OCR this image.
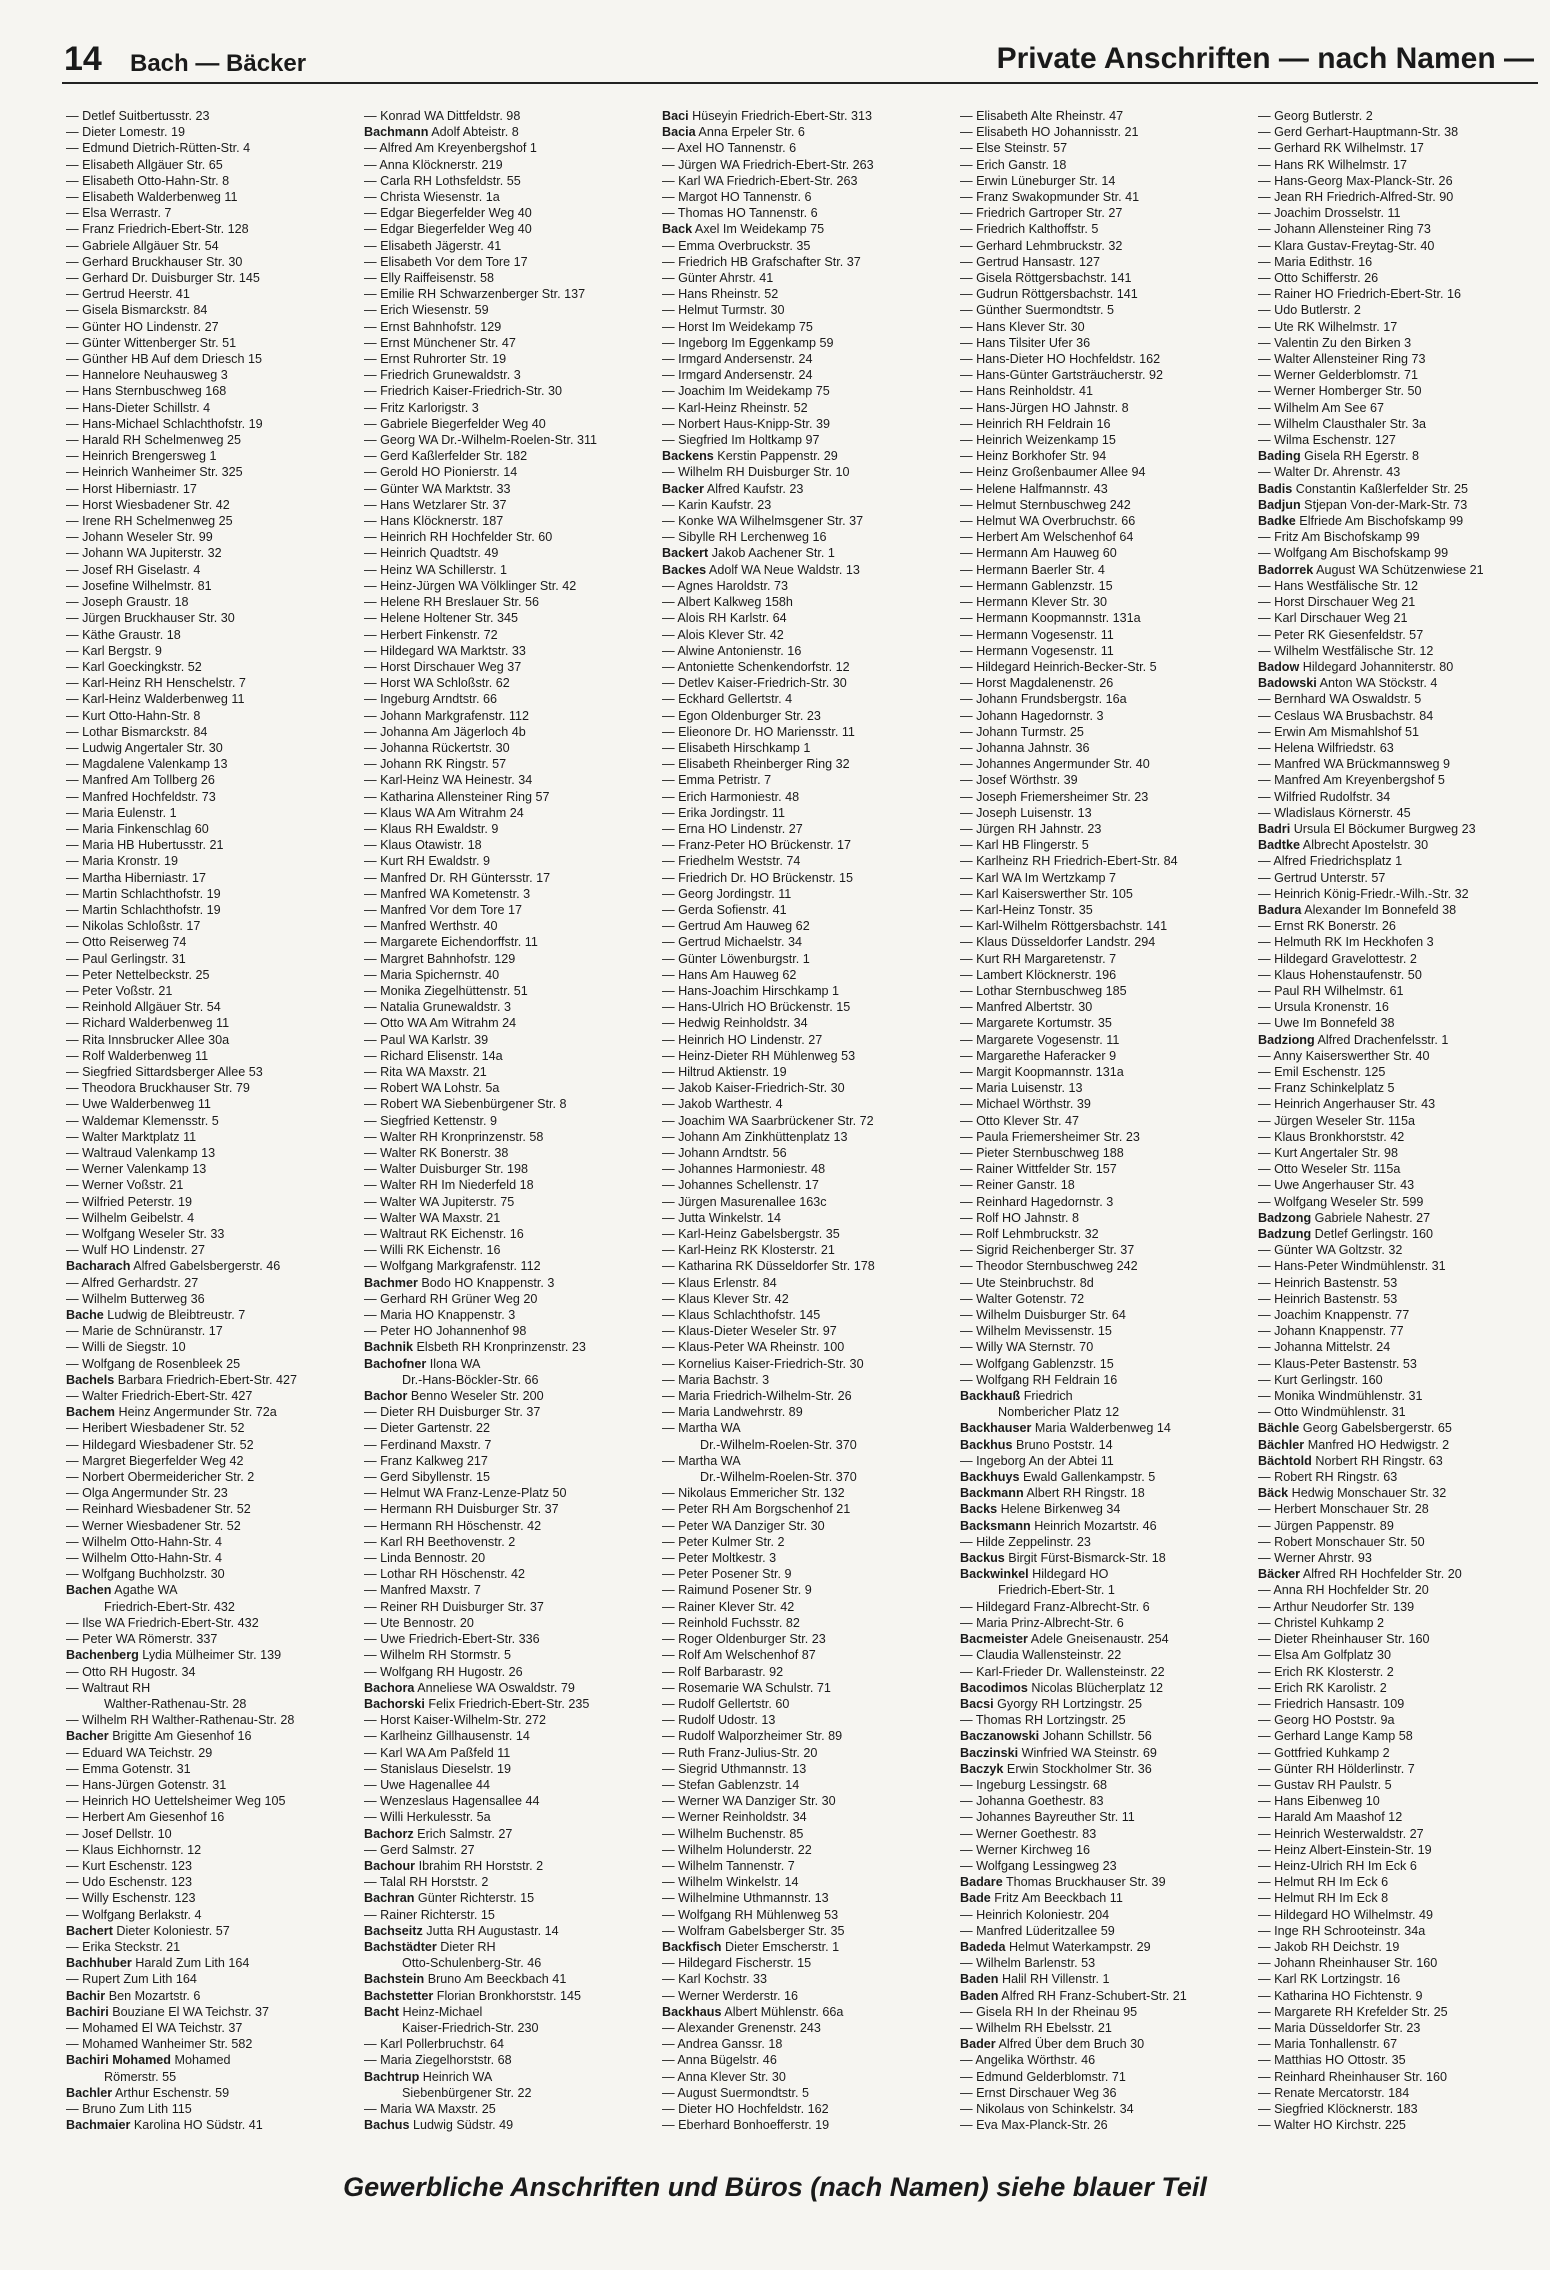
14 Bach — Bäcker	Private Anschriften — nach Namen —
— Detlef Suitbertusstr. 23
— Dieter Lomestr. 19
— Edmund Dietrich-Rütten-Str. 4
— Elisabeth Allgäuer Str. 65
— Elisabeth Otto-Hahn-Str. 8
— Elisabeth Walderbenweg 11
— Elsa Werrastr. 7
— Franz Friedrich-Ebert-Str. 128
— Gabriele Allgäuer Str. 54
— Gerhard Bruckhauser Str. 30
— Gerhard Dr. Duisburger Str. 145
— Gertrud Heerstr. 41
— Gisela Bismarckstr. 84
— Günter HO Lindenstr. 27
— Günter Wittenberger Str. 51
— Günther HB Auf dem Driesch 15
— Hannelore Neuhausweg 3
— Hans Sternbuschweg 168
— Hans-Dieter Schillstr. 4
— Hans-Michael Schlachthofstr. 19
— Harald RH Schelmenweg 25
— Heinrich Brengersweg 1
— Heinrich Wanheimer Str. 325
— Horst Hiberniastr. 17
— Horst Wiesbadener Str. 42
— Irene RH Schelmenweg 25
— Johann Weseler Str. 99
— Johann WA Jupiterstr. 32
— Josef RH Giselastr. 4
— Josefine Wilhelmstr. 81
— Joseph Graustr. 18
— Jürgen Bruckhauser Str. 30
— Käthe Graustr. 18
— Karl Bergstr. 9
— Karl Goeckingkstr. 52
— Karl-Heinz RH Henschelstr. 7
— Karl-Heinz Walderbenweg 11
— Kurt Otto-Hahn-Str. 8
— Lothar Bismarckstr. 84
— Ludwig Angertaler Str. 30
— Magdalene Valenkamp 13
— Manfred Am Tollberg 26
— Manfred Hochfeldstr. 73
— Maria Eulenstr. 1
— Maria Finkenschlag 60
— Maria HB Hubertusstr. 21
— Maria Kronstr. 19
— Martha Hiberniastr. 17
— Martin Schlachthofstr. 19
— Martin Schlachthofstr. 19
— Nikolas Schloßstr. 17
— Otto Reiserweg 74
— Paul Gerlingstr. 31
— Peter Nettelbeckstr. 25
— Peter Voßstr. 21
— Reinhold Allgäuer Str. 54
— Richard Walderbenweg 11
— Rita Innsbrucker Allee 30a
— Rolf Walderbenweg 11
— Siegfried Sittardsberger Allee 53
— Theodora Bruckhauser Str. 79
— Uwe Walderbenweg 11
— Waldemar Klemensstr. 5
— Walter Marktplatz 11
— Waltraud Valenkamp 13
— Werner Valenkamp 13
— Werner Voßstr. 21
— Wilfried Peterstr. 19
— Wilhelm Geibelstr. 4
— Wolfgang Weseler Str. 33
— Wulf HO Lindenstr. 27
Bacharach Alfred Gabelsbergerstr. 46
— Alfred Gerhardstr. 27
— Wilhelm Butterweg 36
Bache Ludwig de Bleibtreustr. 7
— Marie de Schnüranstr. 17
— Willi de Siegstr. 10
— Wolfgang de Rosenbleek 25
Bachels Barbara Friedrich-Ebert-Str. 427
— Walter Friedrich-Ebert-Str. 427
Bachem Heinz Angermunder Str. 72a
— Heribert Wiesbadener Str. 52
— Hildegard Wiesbadener Str. 52
— Margret Biegerfelder Weg 42
— Norbert Obermeidericher Str. 2
— Olga Angermunder Str. 23
— Reinhard Wiesbadener Str. 52
— Werner Wiesbadener Str. 52
— Wilhelm Otto-Hahn-Str. 4
— Wilhelm Otto-Hahn-Str. 4
— Wolfgang Buchholzstr. 30
Bachen Agathe WA
Friedrich-Ebert-Str. 432
— Ilse WA Friedrich-Ebert-Str. 432
— Peter WA Römerstr. 337
Bachenberg Lydia Mülheimer Str. 139
— Otto RH Hugostr. 34
— Waltraut RH
Walther-Rathenau-Str. 28
— Wilhelm RH Walther-Rathenau-Str. 28
Bacher Brigitte Am Giesenhof 16
— Eduard WA Teichstr. 29
— Emma Gotenstr. 31
— Hans-Jürgen Gotenstr. 31
— Heinrich HO Uettelsheimer Weg 105
— Herbert Am Giesenhof 16
— Josef Dellstr. 10
— Klaus Eichhornstr. 12
— Kurt Eschenstr. 123
— Udo Eschenstr. 123
— Willy Eschenstr. 123
— Wolfgang Berlakstr. 4
Bachert Dieter Koloniestr. 57
— Erika Steckstr. 21
Bachhuber Harald Zum Lith 164
— Rupert Zum Lith 164
Bachir Ben Mozartstr. 6
Bachiri Bouziane El WA Teichstr. 37
— Mohamed El WA Teichstr. 37
— Mohamed Wanheimer Str. 582
Bachiri Mohamed Mohamed
Römerstr. 55
Bachler Arthur Eschenstr. 59
— Bruno Zum Lith 115
Bachmaier Karolina HO Südstr. 41
— Konrad WA Dittfeldstr. 98
Bachmann Adolf Abteistr. 8
— Alfred Am Kreyenbergshof 1
— Anna Klöcknerstr. 219
— Carla RH Lothsfeldstr. 55
— Christa Wiesenstr. 1a
— Edgar Biegerfelder Weg 40
— Edgar Biegerfelder Weg 40
— Elisabeth Jägerstr. 41
— Elisabeth Vor dem Tore 17
— Elly Raiffeisenstr. 58
— Emilie RH Schwarzenberger Str. 137
— Erich Wiesenstr. 59
— Ernst Bahnhofstr. 129
— Ernst Münchener Str. 47
— Ernst Ruhrorter Str. 19
— Friedrich Grunewaldstr. 3
— Friedrich Kaiser-Friedrich-Str. 30
— Fritz Karlorigstr. 3
— Gabriele Biegerfelder Weg 40
— Georg WA Dr.-Wilhelm-Roelen-Str. 311
— Gerd Kaßlerfelder Str. 182
— Gerold HO Pionierstr. 14
— Günter WA Marktstr. 33
— Hans Wetzlarer Str. 37
— Hans Klöcknerstr. 187
— Heinrich RH Hochfelder Str. 60
— Heinrich Quadtstr. 49
— Heinz WA Schillerstr. 1
— Heinz-Jürgen WA Völklinger Str. 42
— Helene RH Breslauer Str. 56
— Helene Holtener Str. 345
— Herbert Finkenstr. 72
— Hildegard WA Marktstr. 33
— Horst Dirschauer Weg 37
— Horst WA Schloßstr. 62
— Ingeburg Arndtstr. 66
— Johann Markgrafenstr. 112
— Johanna Am Jägerloch 4b
— Johanna Rückertstr. 30
— Johann RK Ringstr. 57
— Karl-Heinz WA Heinestr. 34
— Katharina Allensteiner Ring 57
— Klaus WA Am Witrahm 24
— Klaus RH Ewaldstr. 9
— Klaus Otawistr. 18
— Kurt RH Ewaldstr. 9
— Manfred Dr. RH Güntersstr. 17
— Manfred WA Kometenstr. 3
— Manfred Vor dem Tore 17
— Manfred Werthstr. 40
— Margarete Eichendorffstr. 11
— Margret Bahnhofstr. 129
— Maria Spichernstr. 40
— Monika Ziegelhüttenstr. 51
— Natalia Grunewaldstr. 3
— Otto WA Am Witrahm 24
— Paul WA Karlstr. 39
— Richard Elisenstr. 14a
— Rita WA Maxstr. 21
— Robert WA Lohstr. 5a
— Robert WA Siebenbürgener Str. 8
— Siegfried Kettenstr. 9
— Walter RH Kronprinzenstr. 58
— Walter RK Bonerstr. 38
— Walter Duisburger Str. 198
— Walter RH Im Niederfeld 18
— Walter WA Jupiterstr. 75
— Walter WA Maxstr. 21
— Waltraut RK Eichenstr. 16
— Willi RK Eichenstr. 16
— Wolfgang Markgrafenstr. 112
Bachmer Bodo HO Knappenstr. 3
— Gerhard RH Grüner Weg 20
— Maria HO Knappenstr. 3
— Peter HO Johannenhof 98
Bachnik Elsbeth RH Kronprinzenstr. 23
Bachofner Ilona WA
Dr.-Hans-Böckler-Str. 66
Bachor Benno Weseler Str. 200
— Dieter RH Duisburger Str. 37
— Dieter Gartenstr. 22
— Ferdinand Maxstr. 7
— Franz Kalkweg 217
— Gerd Sibyllenstr. 15
— Helmut WA Franz-Lenze-Platz 50
— Hermann RH Duisburger Str. 37
— Hermann RH Höschenstr. 42
— Karl RH Beethovenstr. 2
— Linda Bennostr. 20
— Lothar RH Höschenstr. 42
— Manfred Maxstr. 7
— Reiner RH Duisburger Str. 37
— Ute Bennostr. 20
— Uwe Friedrich-Ebert-Str. 336
— Wilhelm RH Stormstr. 5
— Wolfgang RH Hugostr. 26
Bachora Anneliese WA Oswaldstr. 79
Bachorski Felix Friedrich-Ebert-Str. 235
— Horst Kaiser-Wilhelm-Str. 272
— Karlheinz Gillhausenstr. 14
— Karl WA Am Paßfeld 11
— Stanislaus Dieselstr. 19
— Uwe Hagenallee 44
— Wenzeslaus Hagensallee 44
— Willi Herkulesstr. 5a
Bachorz Erich Salmstr. 27
— Gerd Salmstr. 27
Bachour Ibrahim RH Horststr. 2
— Talal RH Horststr. 2
Bachran Günter Richterstr. 15
— Rainer Richterstr. 15
Bachseitz Jutta RH Augustastr. 14
Bachstädter Dieter RH
Otto-Schulenberg-Str. 46
Bachstein Bruno Am Beeckbach 41
Bachstetter Florian Bronkhorststr. 145
Bacht Heinz-Michael
Kaiser-Friedrich-Str. 230
— Karl Pollerbruchstr. 64
— Maria Ziegelhorststr. 68
Bachtrup Heinrich WA
Siebenbürgener Str. 22
— Maria WA Maxstr. 25
Bachus Ludwig Südstr. 49
Baci Hüseyin Friedrich-Ebert-Str. 313
Bacia Anna Erpeler Str. 6
— Axel HO Tannenstr. 6
— Jürgen WA Friedrich-Ebert-Str. 263
— Karl WA Friedrich-Ebert-Str. 263
— Margot HO Tannenstr. 6
— Thomas HO Tannenstr. 6
Back Axel Im Weidekamp 75
— Emma Overbruckstr. 35
— Friedrich HB Grafschafter Str. 37
— Günter Ahrstr. 41
— Hans Rheinstr. 52
— Helmut Turmstr. 30
— Horst Im Weidekamp 75
— Ingeborg Im Eggenkamp 59
— Irmgard Andersenstr. 24
— Irmgard Andersenstr. 24
— Joachim Im Weidekamp 75
— Karl-Heinz Rheinstr. 52
— Norbert Haus-Knipp-Str. 39
— Siegfried Im Holtkamp 97
Backens Kerstin Pappenstr. 29
— Wilhelm RH Duisburger Str. 10
Backer Alfred Kaufstr. 23
— Karin Kaufstr. 23
— Konke WA Wilhelmsgener Str. 37
— Sibylle RH Lerchenweg 16
Backert Jakob Aachener Str. 1
Backes Adolf WA Neue Waldstr. 13
— Agnes Haroldstr. 73
— Albert Kalkweg 158h
— Alois RH Karlstr. 64
— Alois Klever Str. 42
— Alwine Antonienstr. 16
— Antoniette Schenkendorfstr. 12
— Detlev Kaiser-Friedrich-Str. 30
— Eckhard Gellertstr. 4
— Egon Oldenburger Str. 23
— Elieonore Dr. HO Mariensstr. 11
— Elisabeth Hirschkamp 1
— Elisabeth Rheinberger Ring 32
— Emma Petristr. 7
— Erich Harmoniestr. 48
— Erika Jordingstr. 11
— Erna HO Lindenstr. 27
— Franz-Peter HO Brückenstr. 17
— Friedhelm Weststr. 74
— Friedrich Dr. HO Brückenstr. 15
— Georg Jordingstr. 11
— Gerda Sofienstr. 41
— Gertrud Am Hauweg 62
— Gertrud Michaelstr. 34
— Günter Löwenburgstr. 1
— Hans Am Hauweg 62
— Hans-Joachim Hirschkamp 1
— Hans-Ulrich HO Brückenstr. 15
— Hedwig Reinholdstr. 34
— Heinrich HO Lindenstr. 27
— Heinz-Dieter RH Mühlenweg 53
— Hiltrud Aktienstr. 19
— Jakob Kaiser-Friedrich-Str. 30
— Jakob Warthestr. 4
— Joachim WA Saarbrückener Str. 72
— Johann Am Zinkhüttenplatz 13
— Johann Arndtstr. 56
— Johannes Harmoniestr. 48
— Johannes Schellenstr. 17
— Jürgen Masurenallee 163c
— Jutta Winkelstr. 14
— Karl-Heinz Gabelsbergstr. 35
— Karl-Heinz RK Klosterstr. 21
— Katharina RK Düsseldorfer Str. 178
— Klaus Erlenstr. 84
— Klaus Klever Str. 42
— Klaus Schlachthofstr. 145
— Klaus-Dieter Weseler Str. 97
— Klaus-Peter WA Rheinstr. 100
— Kornelius Kaiser-Friedrich-Str. 30
— Maria Bachstr. 3
— Maria Friedrich-Wilhelm-Str. 26
— Maria Landwehrstr. 89
— Martha WA
Dr.-Wilhelm-Roelen-Str. 370
— Martha WA
Dr.-Wilhelm-Roelen-Str. 370
— Nikolaus Emmericher Str. 132
— Peter RH Am Borgschenhof 21
— Peter WA Danziger Str. 30
— Peter Kulmer Str. 2
— Peter Moltkestr. 3
— Peter Posener Str. 9
— Raimund Posener Str. 9
— Rainer Klever Str. 42
— Reinhold Fuchsstr. 82
— Roger Oldenburger Str. 23
— Rolf Am Welschenhof 87
— Rolf Barbarastr. 92
— Rosemarie WA Schulstr. 71
— Rudolf Gellertstr. 60
— Rudolf Udostr. 13
— Rudolf Walporzheimer Str. 89
— Ruth Franz-Julius-Str. 20
— Siegrid Uthmannstr. 13
— Stefan Gablenzstr. 14
— Werner WA Danziger Str. 30
— Werner Reinholdstr. 34
— Wilhelm Buchenstr. 85
— Wilhelm Holunderstr. 22
— Wilhelm Tannenstr. 7
— Wilhelm Winkelstr. 14
— Wilhelmine Uthmannstr. 13
— Wolfgang RH Mühlenweg 53
— Wolfram Gabelsberger Str. 35
Backfisch Dieter Emscherstr. 1
— Hildegard Fischerstr. 15
— Karl Kochstr. 33
— Werner Werderstr. 16
Backhaus Albert Mühlenstr. 66a
— Alexander Grenenstr. 243
— Andrea Ganssr. 18
— Anna Bügelstr. 46
— Anna Klever Str. 30
— August Suermondtstr. 5
— Dieter HO Hochfeldstr. 162
— Eberhard Bonhoefferstr. 19
— Elisabeth Alte Rheinstr. 47
— Elisabeth HO Johannisstr. 21
— Else Steinstr. 57
— Erich Ganstr. 18
— Erwin Lüneburger Str. 14
— Franz Swakopmunder Str. 41
— Friedrich Gartroper Str. 27
— Friedrich Kalthoffstr. 5
— Gerhard Lehmbruckstr. 32
— Gertrud Hansastr. 127
— Gisela Röttgersbachstr. 141
— Gudrun Röttgersbachstr. 141
— Günther Suermondtstr. 5
— Hans Klever Str. 30
— Hans Tilsiter Ufer 36
— Hans-Dieter HO Hochfeldstr. 162
— Hans-Günter Gartsträucherstr. 92
— Hans Reinholdstr. 41
— Hans-Jürgen HO Jahnstr. 8
— Heinrich RH Feldrain 16
— Heinrich Weizenkamp 15
— Heinz Borkhofer Str. 94
— Heinz Großenbaumer Allee 94
— Helene Halfmannstr. 43
— Helmut Sternbuschweg 242
— Helmut WA Overbruchstr. 66
— Herbert Am Welschenhof 64
— Hermann Am Hauweg 60
— Hermann Baerler Str. 4
— Hermann Gablenzstr. 15
— Hermann Klever Str. 30
— Hermann Koopmannstr. 131a
— Hermann Vogesenstr. 11
— Hermann Vogesenstr. 11
— Hildegard Heinrich-Becker-Str. 5
— Horst Magdalenenstr. 26
— Johann Frundsbergstr. 16a
— Johann Hagedornstr. 3
— Johann Turmstr. 25
— Johanna Jahnstr. 36
— Johannes Angermunder Str. 40
— Josef Wörthstr. 39
— Joseph Friemersheimer Str. 23
— Joseph Luisenstr. 13
— Jürgen RH Jahnstr. 23
— Karl HB Flingerstr. 5
— Karlheinz RH Friedrich-Ebert-Str. 84
— Karl WA Im Wertzkamp 7
— Karl Kaiserswerther Str. 105
— Karl-Heinz Tonstr. 35
— Karl-Wilhelm Röttgersbachstr. 141
— Klaus Düsseldorfer Landstr. 294
— Kurt RH Margaretenstr. 7
— Lambert Klöcknerstr. 196
— Lothar Sternbuschweg 185
— Manfred Albertstr. 30
— Margarete Kortumstr. 35
— Margarete Vogesenstr. 11
— Margarethe Haferacker 9
— Margit Koopmannstr. 131a
— Maria Luisenstr. 13
— Michael Wörthstr. 39
— Otto Klever Str. 47
— Paula Friemersheimer Str. 23
— Pieter Sternbuschweg 188
— Rainer Wittfelder Str. 157
— Reiner Ganstr. 18
— Reinhard Hagedornstr. 3
— Rolf HO Jahnstr. 8
— Rolf Lehmbruckstr. 32
— Sigrid Reichenberger Str. 37
— Theodor Sternbuschweg 242
— Ute Steinbruchstr. 8d
— Walter Gotenstr. 72
— Wilhelm Duisburger Str. 64
— Wilhelm Mevissenstr. 15
— Willy WA Sternstr. 70
— Wolfgang Gablenzstr. 15
— Wolfgang RH Feldrain 16
Backhauß Friedrich
Nombericher Platz 12
Backhauser Maria Walderbenweg 14
Backhus Bruno Poststr. 14
— Ingeborg An der Abtei 11
Backhuys Ewald Gallenkampstr. 5
Backmann Albert RH Ringstr. 18
Backs Helene Birkenweg 34
Backsmann Heinrich Mozartstr. 46
— Hilde Zeppelinstr. 23
Backus Birgit Fürst-Bismarck-Str. 18
Backwinkel Hildegard HO
Friedrich-Ebert-Str. 1
— Hildegard Franz-Albrecht-Str. 6
— Maria Prinz-Albrecht-Str. 6
Bacmeister Adele Gneisenaustr. 254
— Claudia Wallensteinstr. 22
— Karl-Frieder Dr. Wallensteinstr. 22
Bacodimos Nicolas Blücherplatz 12
Bacsi Gyorgy RH Lortzingstr. 25
— Thomas RH Lortzingstr. 25
Baczanowski Johann Schillstr. 56
Baczinski Winfried WA Steinstr. 69
Baczyk Erwin Stockholmer Str. 36
— Ingeburg Lessingstr. 68
— Johanna Goethestr. 83
— Johannes Bayreuther Str. 11
— Werner Goethestr. 83
— Werner Kirchweg 16
— Wolfgang Lessingweg 23
Badare Thomas Bruckhauser Str. 39
Bade Fritz Am Beeckbach 11
— Heinrich Koloniestr. 204
— Manfred Lüderitzallee 59
Badeda Helmut Waterkampstr. 29
— Wilhelm Barlenstr. 53
Baden Halil RH Villenstr. 1
Baden Alfred RH Franz-Schubert-Str. 21
— Gisela RH In der Rheinau 95
— Wilhelm RH Ebelsstr. 21
Bader Alfred Über dem Bruch 30
— Angelika Wörthstr. 46
— Edmund Gelderblomstr. 71
— Ernst Dirschauer Weg 36
— Nikolaus von Schinkelstr. 34
— Eva Max-Planck-Str. 26
— Georg Butlerstr. 2
— Gerd Gerhart-Hauptmann-Str. 38
— Gerhard RK Wilhelmstr. 17
— Hans RK Wilhelmstr. 17
— Hans-Georg Max-Planck-Str. 26
— Jean RH Friedrich-Alfred-Str. 90
— Joachim Drosselstr. 11
— Johann Allensteiner Ring 73
— Klara Gustav-Freytag-Str. 40
— Maria Edithstr. 16
— Otto Schifferstr. 26
— Rainer HO Friedrich-Ebert-Str. 16
— Udo Butlerstr. 2
— Ute RK Wilhelmstr. 17
— Valentin Zu den Birken 3
— Walter Allensteiner Ring 73
— Werner Gelderblomstr. 71
— Werner Homberger Str. 50
— Wilhelm Am See 67
— Wilhelm Clausthaler Str. 3a
— Wilma Eschenstr. 127
Bading Gisela RH Egerstr. 8
— Walter Dr. Ahrenstr. 43
Badis Constantin Kaßlerfelder Str. 25
Badjun Stjepan Von-der-Mark-Str. 73
Badke Elfriede Am Bischofskamp 99
— Fritz Am Bischofskamp 99
— Wolfgang Am Bischofskamp 99
Badorrek August WA Schützenwiese 21
— Hans Westfälische Str. 12
— Horst Dirschauer Weg 21
— Karl Dirschauer Weg 21
— Peter RK Giesenfeldstr. 57
— Wilhelm Westfälische Str. 12
Badow Hildegard Johanniterstr. 80
Badowski Anton WA Stöckstr. 4
— Bernhard WA Oswaldstr. 5
— Ceslaus WA Brusbachstr. 84
— Erwin Am Mismahlshof 51
— Helena Wilfriedstr. 63
— Manfred WA Brückmannsweg 9
— Manfred Am Kreyenbergshof 5
— Wilfried Rudolfstr. 34
— Wladislaus Körnerstr. 45
Badri Ursula El Böckumer Burgweg 23
Badtke Albrecht Apostelstr. 30
— Alfred Friedrichsplatz 1
— Gertrud Unterstr. 57
— Heinrich König-Friedr.-Wilh.-Str. 32
Badura Alexander Im Bonnefeld 38
— Ernst RK Bonerstr. 26
— Helmuth RK Im Heckhofen 3
— Hildegard Gravelottestr. 2
— Klaus Hohenstaufenstr. 50
— Paul RH Wilhelmstr. 61
— Ursula Kronenstr. 16
— Uwe Im Bonnefeld 38
Badziong Alfred Drachenfelsstr. 1
— Anny Kaiserswerther Str. 40
— Emil Eschenstr. 125
— Franz Schinkelplatz 5
— Heinrich Angerhauser Str. 43
— Jürgen Weseler Str. 115a
— Klaus Bronkhorststr. 42
— Kurt Angertaler Str. 98
— Otto Weseler Str. 115a
— Uwe Angerhauser Str. 43
— Wolfgang Weseler Str. 599
Badzong Gabriele Nahestr. 27
Badzung Detlef Gerlingstr. 160
— Günter WA Goltzstr. 32
— Hans-Peter Windmühlenstr. 31
— Heinrich Bastenstr. 53
— Heinrich Bastenstr. 53
— Joachim Knappenstr. 77
— Johann Knappenstr. 77
— Johanna Mittelstr. 24
— Klaus-Peter Bastenstr. 53
— Kurt Gerlingstr. 160
— Monika Windmühlenstr. 31
— Otto Windmühlenstr. 31
Bächle Georg Gabelsbergerstr. 65
Bächler Manfred HO Hedwigstr. 2
Bächtold Norbert RH Ringstr. 63
— Robert RH Ringstr. 63
Bäck Hedwig Monschauer Str. 32
— Herbert Monschauer Str. 28
— Jürgen Pappenstr. 89
— Robert Monschauer Str. 50
— Werner Ahrstr. 93
Bäcker Alfred RH Hochfelder Str. 20
— Anna RH Hochfelder Str. 20
— Arthur Neudorfer Str. 139
— Christel Kuhkamp 2
— Dieter Rheinhauser Str. 160
— Elsa Am Golfplatz 30
— Erich RK Klosterstr. 2
— Erich RK Karolistr. 2
— Friedrich Hansastr. 109
— Georg HO Poststr. 9a
— Gerhard Lange Kamp 58
— Gottfried Kuhkamp 2
— Günter RH Hölderlinstr. 7
— Gustav RH Paulstr. 5
— Hans Eibenweg 10
— Harald Am Maashof 12
— Heinrich Westerwaldstr. 27
— Heinz Albert-Einstein-Str. 19
— Heinz-Ulrich RH Im Eck 6
— Helmut RH Im Eck 6
— Helmut RH Im Eck 8
— Hildegard HO Wilhelmstr. 49
— Inge RH Schrooteinstr. 34a
— Jakob RH Deichstr. 19
— Johann Rheinhauser Str. 160
— Karl RK Lortzingstr. 16
— Katharina HO Fichtenstr. 9
— Margarete RH Krefelder Str. 25
— Maria Düsseldorfer Str. 23
— Maria Tonhallenstr. 67
— Matthias HO Ottostr. 35
— Reinhard Rheinhauser Str. 160
— Renate Mercatorstr. 184
— Siegfried Klöcknerstr. 183
— Walter HO Kirchstr. 225
Gewerbliche Anschriften und Büros (nach Namen) siehe blauer Teil
